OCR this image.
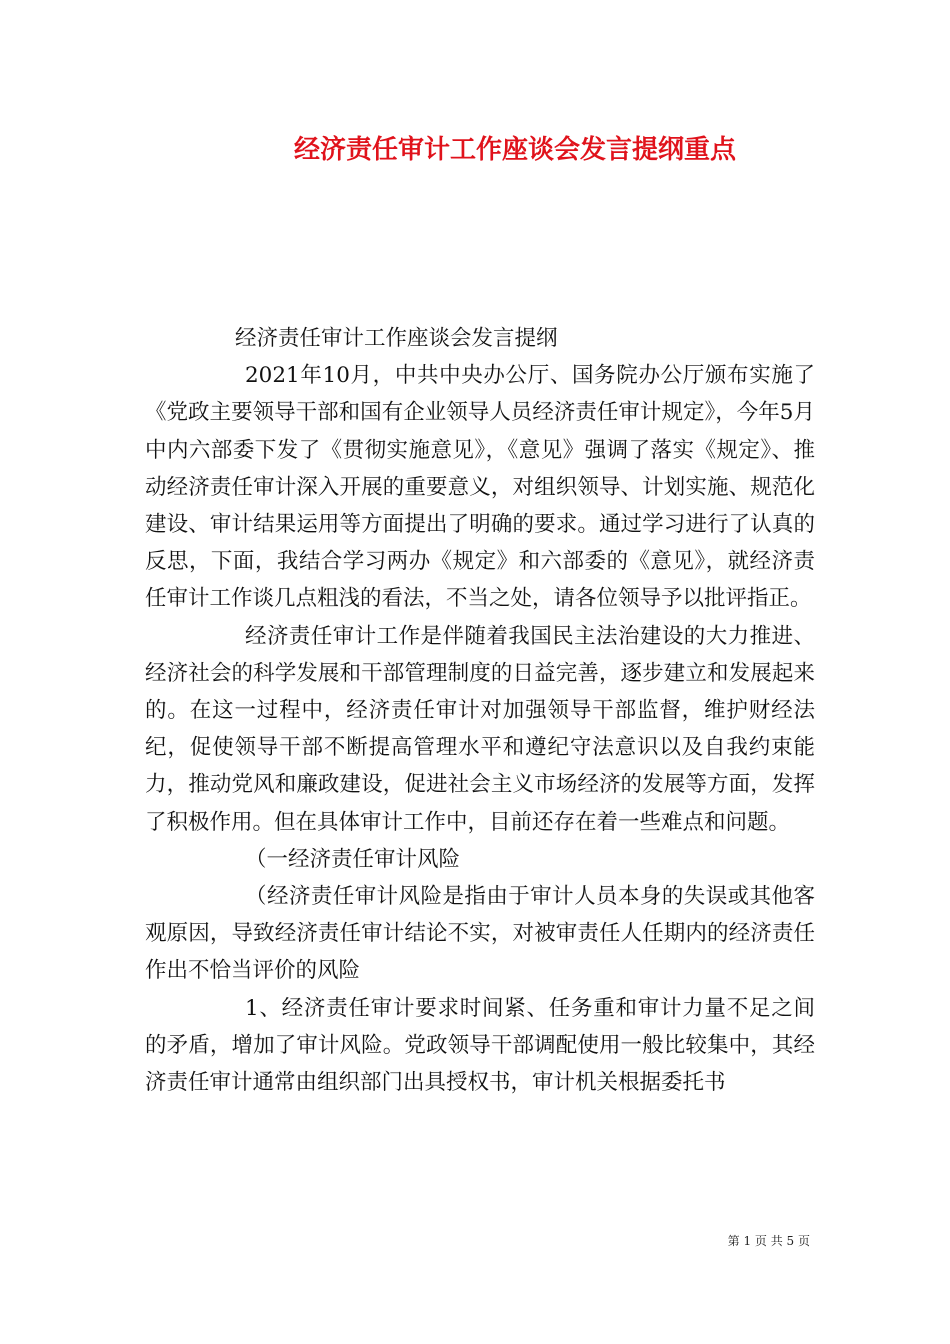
经济责任审计工作座谈会发言提纲重点

经济责任审计工作座谈会发言提纲

2021年10月，中共中央办公厅、国务院办公厅颁布实施了《党政主要领导干部和国有企业领导人员经济责任审计规定》，今年5月中内六部委下发了《贯彻实施意见》，《意见》强调了落实《规定》、推动经济责任审计深入开展的重要意义，对组织领导、计划实施、规范化建设、审计结果运用等方面提出了明确的要求。通过学习进行了认真的反思，下面，我结合学习两办《规定》和六部委的《意见》，就经济责任审计工作谈几点粗浅的看法，不当之处，请各位领导予以批评指正。

经济责任审计工作是伴随着我国民主法治建设的大力推进、经济社会的科学发展和干部管理制度的日益完善，逐步建立和发展起来的。在这一过程中，经济责任审计对加强领导干部监督，维护财经法纪，促使领导干部不断提高管理水平和遵纪守法意识以及自我约束能力，推动党风和廉政建设，促进社会主义市场经济的发展等方面，发挥了积极作用。但在具体审计工作中，目前还存在着一些难点和问题。

（一经济责任审计风险

（经济责任审计风险是指由于审计人员本身的失误或其他客观原因，导致经济责任审计结论不实，对被审责任人任期内的经济责任作出不恰当评价的风险

1、经济责任审计要求时间紧、任务重和审计力量不足之间的矛盾，增加了审计风险。党政领导干部调配使用一般比较集中，其经济责任审计通常由组织部门出具授权书，审计机关根据委托书

第 1 页 共 5 页
